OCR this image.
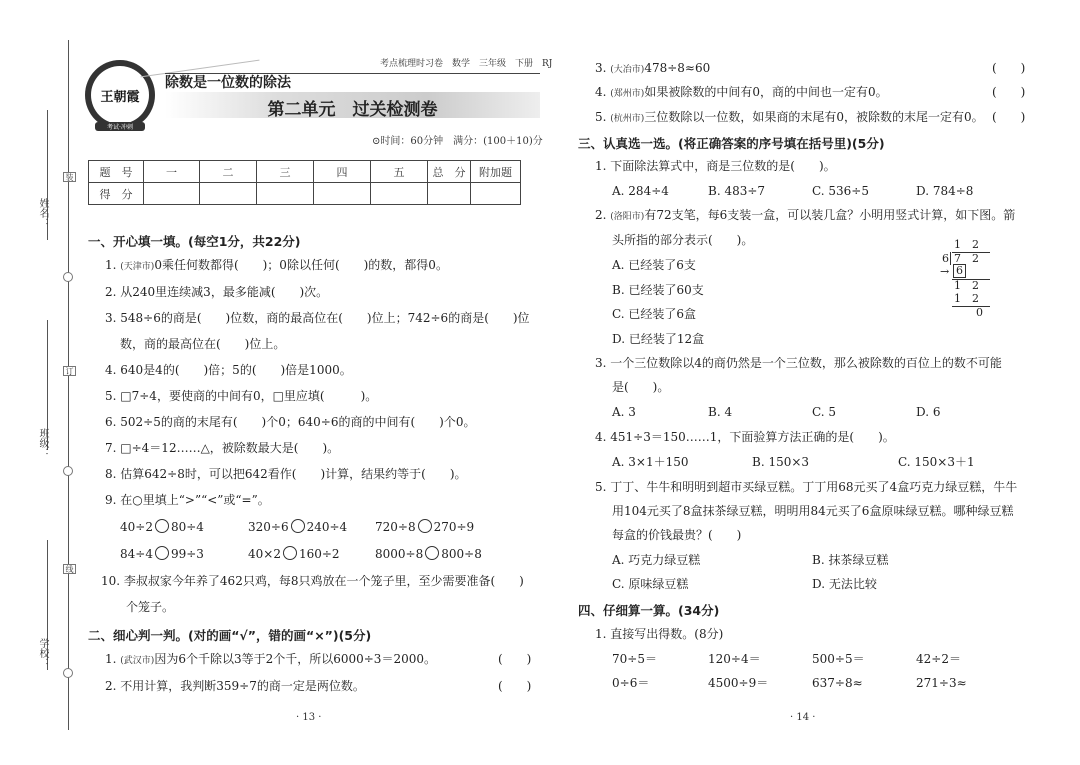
姓名：
班级：
学校：
装
订
线
王朝霞
考试·冲刺
考点梳理时习卷　数学　三年级　下册　RJ
除数是一位数的除法
第二单元　过关检测卷
⊙时间：60分钟　满分：(100＋10)分
题　号	一	二	三	四	五	总　分	附加题
得　分							
一、开心填一填。(每空1分，共22分)
1. (天津市)0乘任何数都得(　　)；0除以任何(　　)的数，都得0。
2. 从240里连续减3，最多能减(　　)次。
3. 548÷6的商是(　　)位数，商的最高位在(　　)位上；742÷6的商是(　　)位
数，商的最高位在(　　)位上。
4. 640是4的(　　)倍；5的(　　)倍是1000。
5. □7÷4，要使商的中间有0，□里应填(　　　)。
6. 502÷5的商的末尾有(　　)个0；640÷6的商的中间有(　　)个0。
7. □÷4＝12……△，被除数最大是(　　)。
8. 估算642÷8时，可以把642看作(　　)计算，结果约等于(　　)。
9. 在○里填上“>”“<”或“=”。
40÷2 80÷4	320÷6 240÷4 720÷8 270÷9
84÷4 99÷3	40×2 160÷2	8000÷8 800÷8
10. 李叔叔家今年养了462只鸡，每8只鸡放在一个笼子里，至少需要准备(　　)
个笼子。
二、细心判一判。(对的画“√”，错的画“×”)(5分)
1. (武汉市)因为6个千除以3等于2个千，所以6000÷3＝2000。	(　　)
2. 不用计算，我判断359÷7的商一定是两位数。	(　　)
· 13 ·
3. (大冶市)478÷8≈60	(　　)
4. (郑州市)如果被除数的中间有0，商的中间也一定有0。	(　　)
5. (杭州市)三位数除以一位数，如果商的末尾有0，被除数的末尾一定有0。 (　　)
三、认真选一选。(将正确答案的序号填在括号里)(5分)
1. 下面除法算式中，商是三位数的是(　　)。
A. 284÷4	B. 483÷7	C. 536÷5	D. 784÷8
2. (洛阳市)有72支笔，每6支装一盒，可以装几盒？小明用竖式计算，如下图。箭
头所指的部分表示(　　)。
A. 已经装了6支
B. 已经装了60支
C. 已经装了6盒
D. 已经装了12盒
1　2
6 7　2
→ 6
1　2
1　2
0
3. 一个三位数除以4的商仍然是一个三位数，那么被除数的百位上的数不可能
是(　　)。
A. 3	B. 4	C. 5	D. 6
4. 451÷3＝150……1，下面验算方法正确的是(　　)。
A. 3×1＋150	B. 150×3	C. 150×3＋1
5. 丁丁、牛牛和明明到超市买绿豆糕。丁丁用68元买了4盒巧克力绿豆糕，牛牛
用104元买了8盒抹茶绿豆糕，明明用84元买了6盒原味绿豆糕。哪种绿豆糕
每盒的价钱最贵？(　　)
A. 巧克力绿豆糕	B. 抹茶绿豆糕
C. 原味绿豆糕	D. 无法比较
四、仔细算一算。(34分)
1. 直接写出得数。(8分)
70÷5＝	120÷4＝	500÷5＝	42÷2＝
0÷6＝	4500÷9＝	637÷8≈	271÷3≈
· 14 ·
